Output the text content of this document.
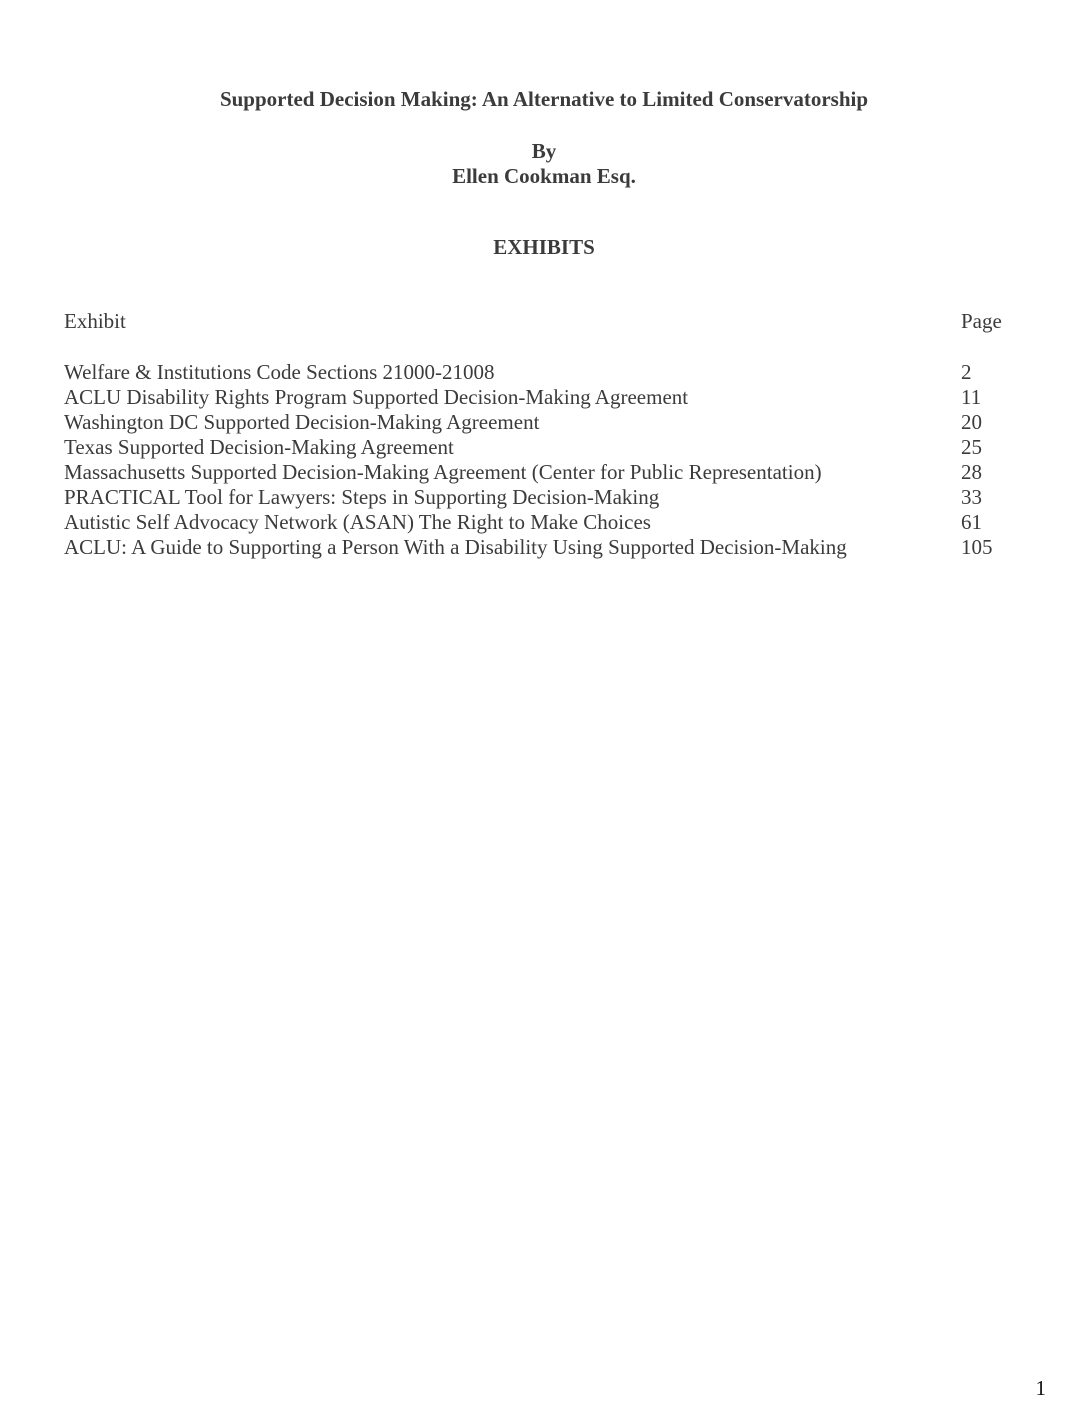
Supported Decision Making: An Alternative to Limited Conservatorship
By
Ellen Cookman Esq.
EXHIBITS
Exhibit	Page
Welfare & Institutions Code Sections 21000-21008	2
ACLU Disability Rights Program Supported Decision-Making Agreement	11
Washington DC Supported Decision-Making Agreement	20
Texas Supported Decision-Making Agreement	25
Massachusetts Supported Decision-Making Agreement (Center for Public Representation)	28
PRACTICAL Tool for Lawyers: Steps in Supporting Decision-Making	33
Autistic Self Advocacy Network (ASAN) The Right to Make Choices	61
ACLU: A Guide to Supporting a Person With a Disability Using Supported Decision-Making	105
1
